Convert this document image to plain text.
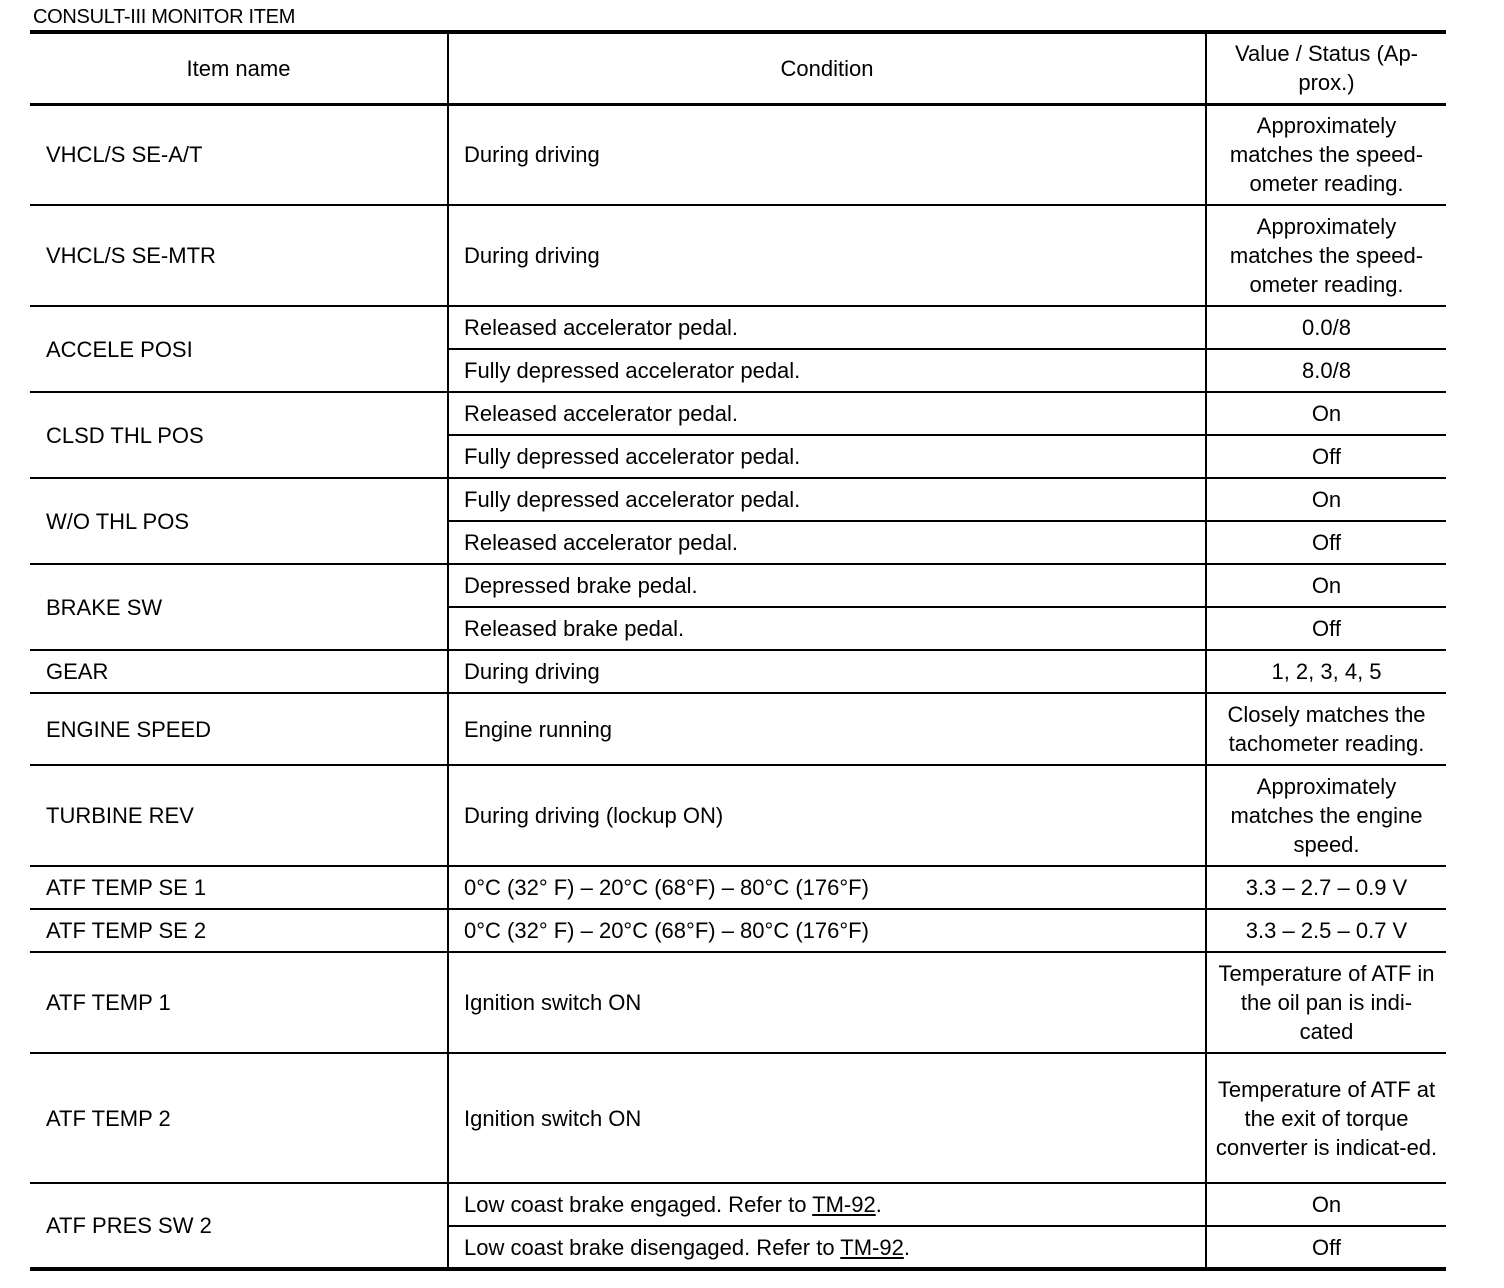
CONSULT-III MONITOR ITEM
Item name	Condition	Value / Status (Ap-prox.)
VHCL/S SE-A/T	During driving	Approximately matches the speed-ometer reading.
VHCL/S SE-MTR	During driving	Approximately matches the speed-ometer reading.
ACCELE POSI	Released accelerator pedal.	0.0/8
	Fully depressed accelerator pedal.	8.0/8
CLSD THL POS	Released accelerator pedal.	On
	Fully depressed accelerator pedal.	Off
W/O THL POS	Fully depressed accelerator pedal.	On
	Released accelerator pedal.	Off
BRAKE SW	Depressed brake pedal.	On
	Released brake pedal.	Off
GEAR	During driving	1, 2, 3, 4, 5
ENGINE SPEED	Engine running	Closely matches the tachometer reading.
TURBINE REV	During driving (lockup ON)	Approximately matches the engine speed.
ATF TEMP SE 1	0°C (32° F) – 20°C (68°F) – 80°C (176°F)	3.3 – 2.7 – 0.9 V
ATF TEMP SE 2	0°C (32° F) – 20°C (68°F) – 80°C (176°F)	3.3 – 2.5 – 0.7 V
ATF TEMP 1	Ignition switch ON	Temperature of ATF in the oil pan is indi-cated
ATF TEMP 2	Ignition switch ON	Temperature of ATF at the exit of torque converter is indicat-ed.
ATF PRES SW 2	Low coast brake engaged. Refer to TM-92.	On
	Low coast brake disengaged. Refer to TM-92.	Off
